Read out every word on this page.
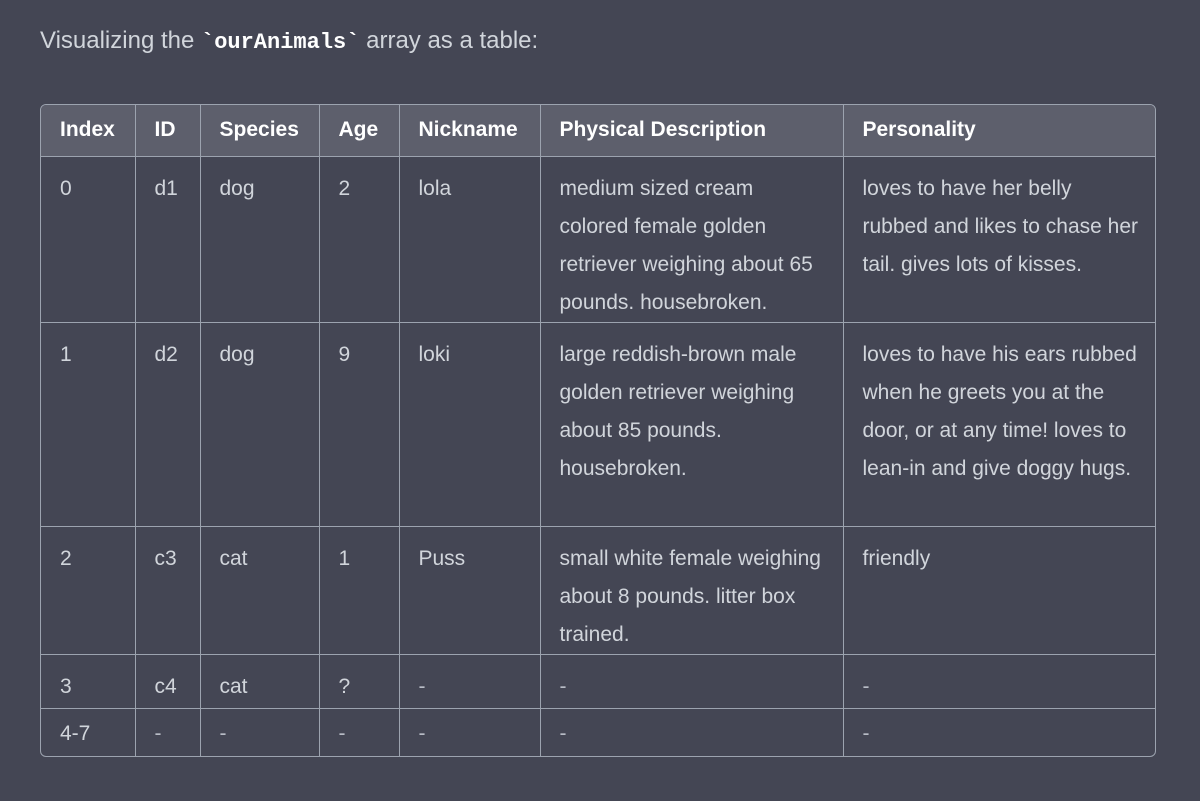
Visualizing the `ourAnimals` array as a table:
Index	ID	Species	Age	Nickname	Physical Description	Personality
0	d1	dog	2	lola	medium sized cream colored female golden retriever weighing about 65 pounds. housebroken.	loves to have her belly rubbed and likes to chase her tail. gives lots of kisses.
1	d2	dog	9	loki	large reddish-brown male golden retriever weighing about 85 pounds. housebroken.	loves to have his ears rubbed when he greets you at the door, or at any time! loves to lean-in and give doggy hugs.
2	c3	cat	1	Puss	small white female weighing about 8 pounds. litter box trained.	friendly
3	c4	cat	?	-	-	-
4-7	-	-	-	-	-	-
